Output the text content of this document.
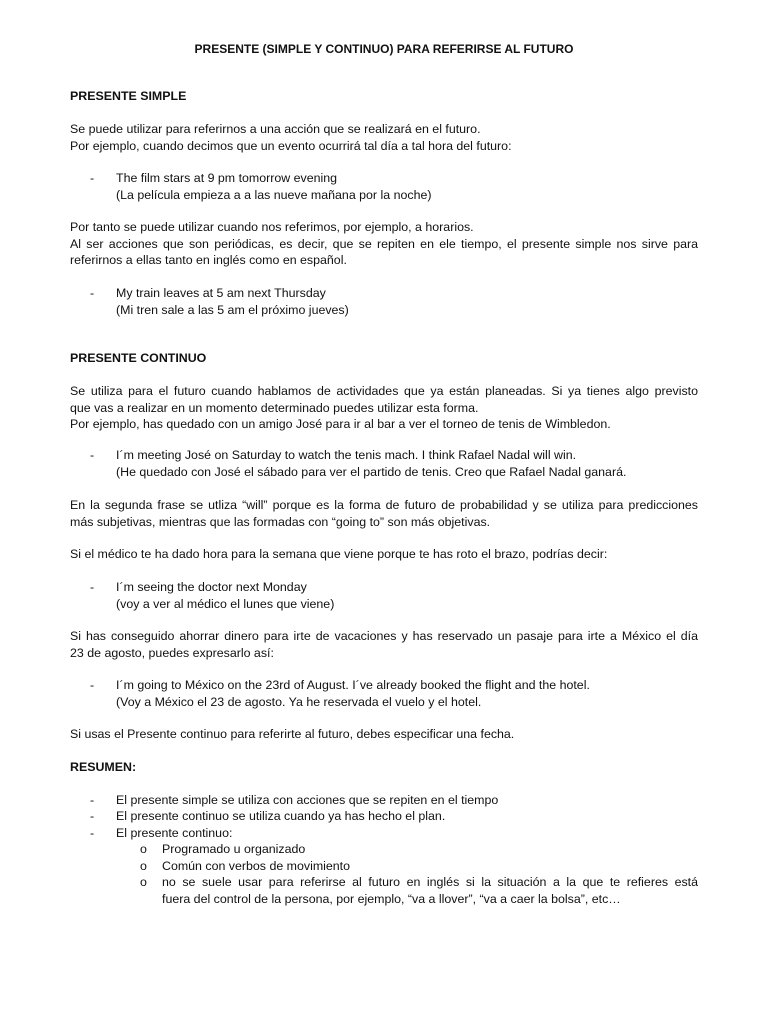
PRESENTE (SIMPLE Y CONTINUO) PARA REFERIRSE AL FUTURO
PRESENTE SIMPLE
Se puede utilizar para referirnos a una acción que se realizará en el futuro.
Por ejemplo, cuando decimos que un evento ocurrirá tal día a tal hora del futuro:
- The film stars at 9 pm tomorrow evening
(La película empieza a a las nueve mañana por la noche)
Por tanto se puede utilizar cuando nos referimos, por ejemplo, a horarios.
Al ser acciones que son periódicas, es decir, que se repiten en ele tiempo, el presente simple nos sirve para
referirnos a ellas tanto en inglés como en español.
- My train leaves at 5 am next Thursday
(Mi tren sale a las 5 am el próximo jueves)
PRESENTE CONTINUO
Se utiliza para el futuro cuando hablamos de actividades que ya están planeadas. Si ya tienes algo previsto
que vas a realizar en un momento determinado puedes utilizar esta forma.
Por ejemplo, has quedado con un amigo José para ir al bar a ver el torneo de tenis de Wimbledon.
- I´m meeting José on Saturday to watch the tenis mach. I think Rafael Nadal will win.
(He quedado con José el sábado para ver el partido de tenis. Creo que Rafael Nadal ganará.
En la segunda frase se utliza “will” porque es la forma de futuro de probabilidad y se utiliza para predicciones
más subjetivas, mientras que las formadas con “going to” son más objetivas.
Si el médico te ha dado hora para la semana que viene porque te has roto el brazo, podrías decir:
- I´m seeing the doctor next Monday
(voy a ver al médico el lunes que viene)
Si has conseguido ahorrar dinero para irte de vacaciones y has reservado un pasaje para irte a México el día
23 de agosto, puedes expresarlo así:
- I´m going to México on the 23rd of August. I´ve already booked the flight and the hotel.
(Voy a México el 23 de agosto. Ya he reservada el vuelo y el hotel.
Si usas el Presente continuo para referirte al futuro, debes especificar una fecha.
RESUMEN:
- El presente simple se utiliza con acciones que se repiten en el tiempo
- El presente continuo se utiliza cuando ya has hecho el plan.
- El presente continuo:
o Programado u organizado
o Común con verbos de movimiento
o no se suele usar para referirse al futuro en inglés si la situación a la que te refieres está
fuera del control de la persona, por ejemplo, “va a llover”, “va a caer la bolsa”, etc…
